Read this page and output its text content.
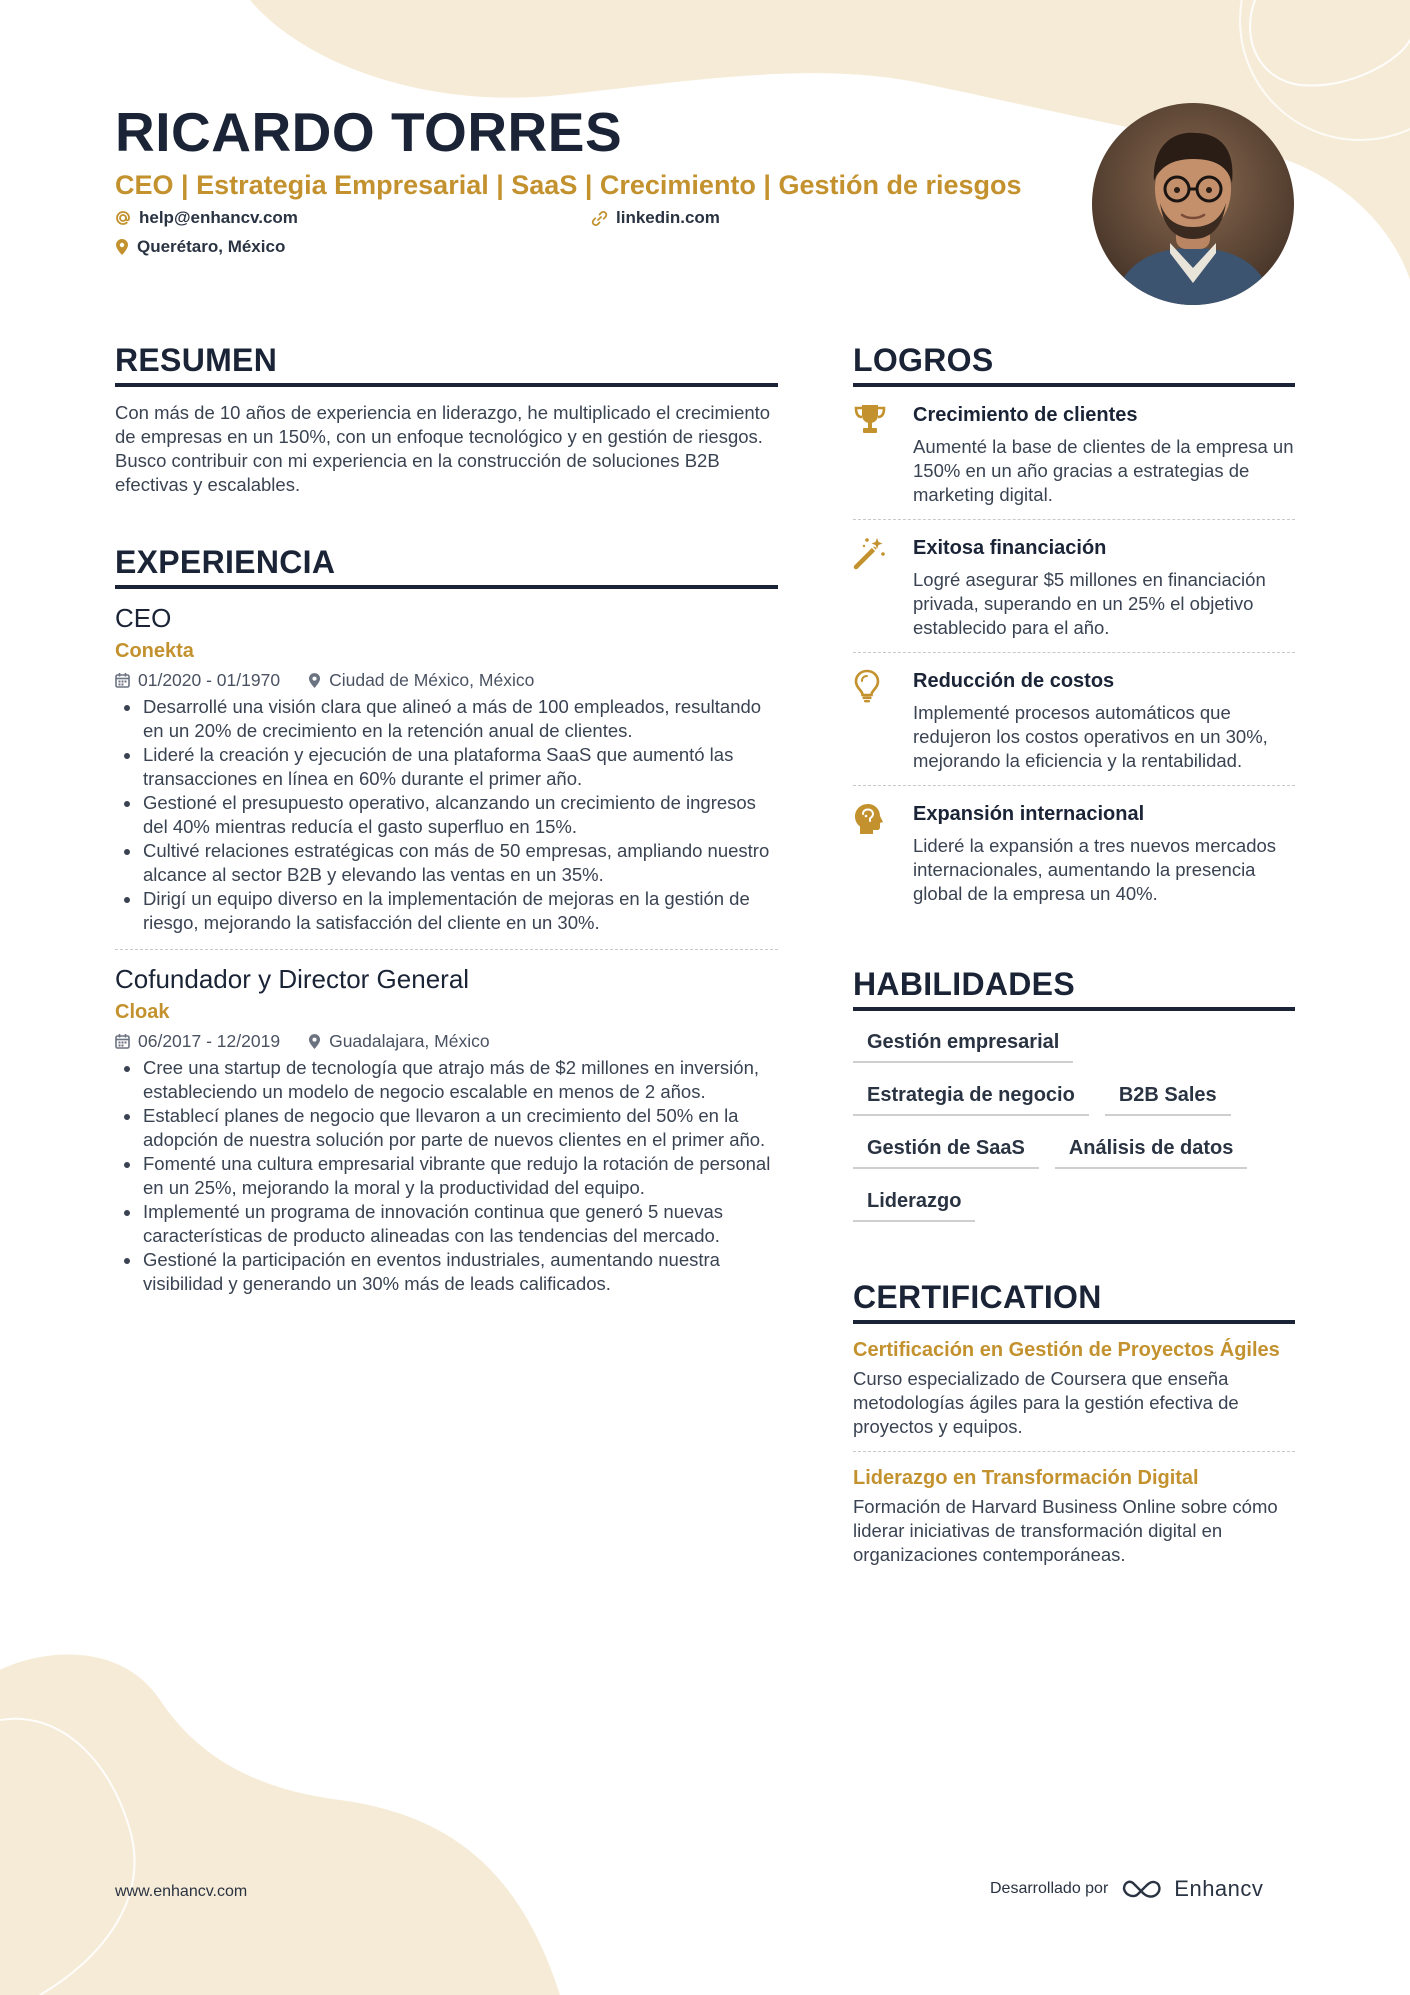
RICARDO TORRES
CEO | Estrategia Empresarial | SaaS | Crecimiento | Gestión de riesgos
help@enhancv.com	linkedin.com
Querétaro, México
RESUMEN
Con más de 10 años de experiencia en liderazgo, he multiplicado el crecimiento de empresas en un 150%, con un enfoque tecnológico y en gestión de riesgos. Busco contribuir con mi experiencia en la construcción de soluciones B2B efectivas y escalables.
EXPERIENCIA
CEO
Conekta
01/2020 - 01/1970	Ciudad de México, México
Desarrollé una visión clara que alineó a más de 100 empleados, resultando en un 20% de crecimiento en la retención anual de clientes.
Lideré la creación y ejecución de una plataforma SaaS que aumentó las transacciones en línea en 60% durante el primer año.
Gestioné el presupuesto operativo, alcanzando un crecimiento de ingresos del 40% mientras reducía el gasto superfluo en 15%.
Cultivé relaciones estratégicas con más de 50 empresas, ampliando nuestro alcance al sector B2B y elevando las ventas en un 35%.
Dirigí un equipo diverso en la implementación de mejoras en la gestión de riesgo, mejorando la satisfacción del cliente en un 30%.
Cofundador y Director General
Cloak
06/2017 - 12/2019	Guadalajara, México
Cree una startup de tecnología que atrajo más de $2 millones en inversión, estableciendo un modelo de negocio escalable en menos de 2 años.
Establecí planes de negocio que llevaron a un crecimiento del 50% en la adopción de nuestra solución por parte de nuevos clientes en el primer año.
Fomenté una cultura empresarial vibrante que redujo la rotación de personal en un 25%, mejorando la moral y la productividad del equipo.
Implementé un programa de innovación continua que generó 5 nuevas características de producto alineadas con las tendencias del mercado.
Gestioné la participación en eventos industriales, aumentando nuestra visibilidad y generando un 30% más de leads calificados.
LOGROS
Crecimiento de clientes
Aumenté la base de clientes de la empresa un 150% en un año gracias a estrategias de marketing digital.
Exitosa financiación
Logré asegurar $5 millones en financiación privada, superando en un 25% el objetivo establecido para el año.
Reducción de costos
Implementé procesos automáticos que redujeron los costos operativos en un 30%, mejorando la eficiencia y la rentabilidad.
Expansión internacional
Lideré la expansión a tres nuevos mercados internacionales, aumentando la presencia global de la empresa un 40%.
HABILIDADES
Gestión empresarial
Estrategia de negocio	B2B Sales
Gestión de SaaS	Análisis de datos
Liderazgo
CERTIFICATION
Certificación en Gestión de Proyectos Ágiles
Curso especializado de Coursera que enseña metodologías ágiles para la gestión efectiva de proyectos y equipos.
Liderazgo en Transformación Digital
Formación de Harvard Business Online sobre cómo liderar iniciativas de transformación digital en organizaciones contemporáneas.
www.enhancv.com	Desarrollado por	Enhancv
